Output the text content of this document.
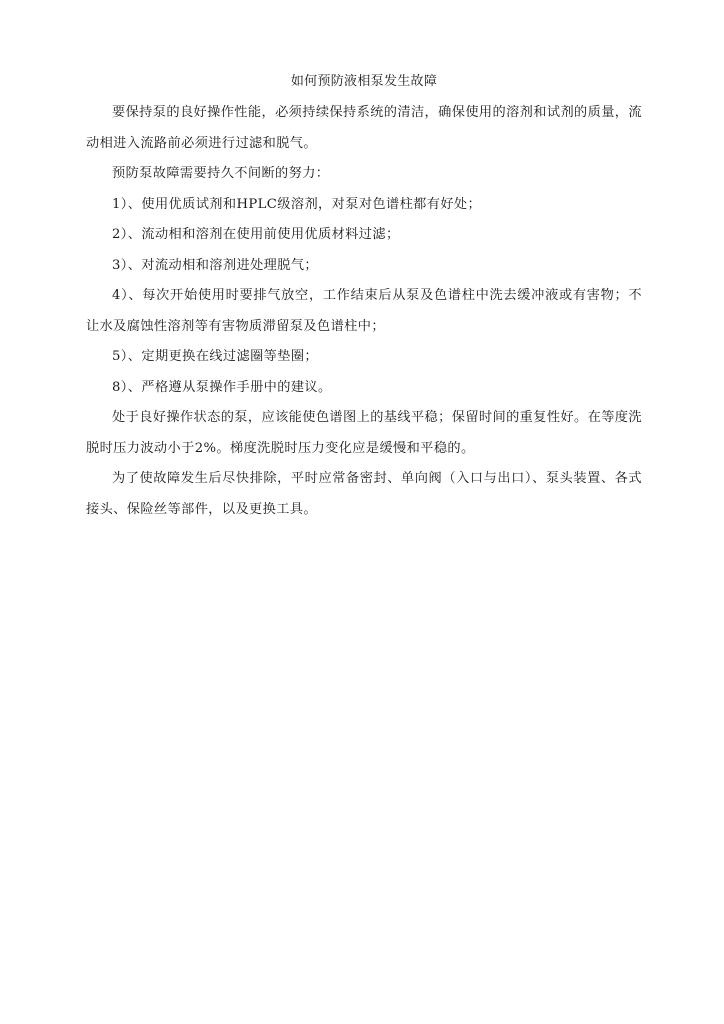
如何预防液相泵发生故障

要保持泵的良好操作性能，必须持续保持系统的清洁，确保使用的溶剂和试剂的质量，流动相进入流路前必须进行过滤和脱气。

预防泵故障需要持久不间断的努力：

1）、使用优质试剂和HPLC级溶剂，对泵对色谱柱都有好处；

2）、流动相和溶剂在使用前使用优质材料过滤；

3）、对流动相和溶剂进处理脱气；

4）、每次开始使用时要排气放空，工作结束后从泵及色谱柱中洗去缓冲液或有害物；不让水及腐蚀性溶剂等有害物质滞留泵及色谱柱中；

5）、定期更换在线过滤圈等垫圈；

8）、严格遵从泵操作手册中的建议。

处于良好操作状态的泵，应该能使色谱图上的基线平稳；保留时间的重复性好。在等度洗脱时压力波动小于2%。梯度洗脱时压力变化应是缓慢和平稳的。

为了使故障发生后尽快排除，平时应常备密封、单向阀（入口与出口）、泵头装置、各式接头、保险丝等部件，以及更换工具。
